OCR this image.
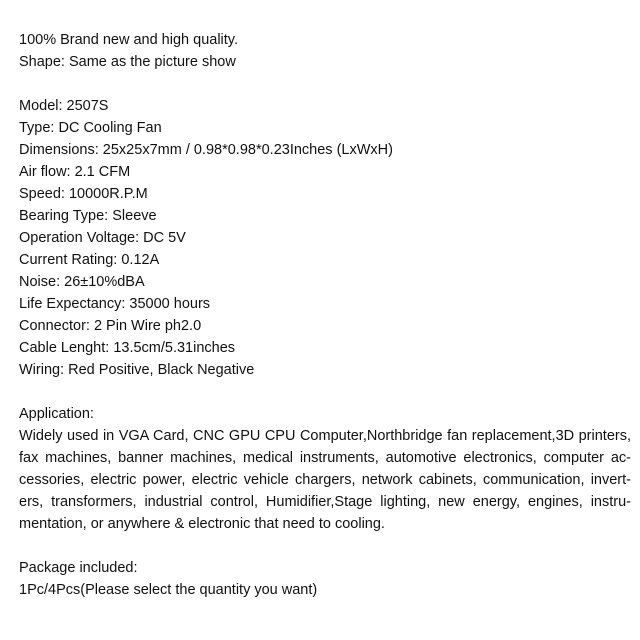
100% Brand new and high quality.
Shape: Same as the picture show
Model: 2507S
Type: DC Cooling Fan
Dimensions: 25x25x7mm / 0.98*0.98*0.23Inches (LxWxH)
Air flow: 2.1 CFM
Speed: 10000R.P.M
Bearing Type: Sleeve
Operation Voltage: DC 5V
Current Rating: 0.12A
Noise: 26±10%dBA
Life Expectancy: 35000 hours
Connector: 2 Pin Wire ph2.0
Cable Lenght: 13.5cm/5.31inches
Wiring: Red Positive, Black Negative
Application:
Widely used in VGA Card, CNC GPU CPU Computer,Northbridge fan replacement,3D printers,
fax machines, banner machines, medical instruments, automotive electronics, computer ac-
cessories, electric power, electric vehicle chargers, network cabinets, communication, invert-
ers, transformers, industrial control, Humidifier,Stage lighting, new energy, engines, instru-
mentation, or anywhere & electronic that need to cooling.
Package included:
1Pc/4Pcs(Please select the quantity you want)
